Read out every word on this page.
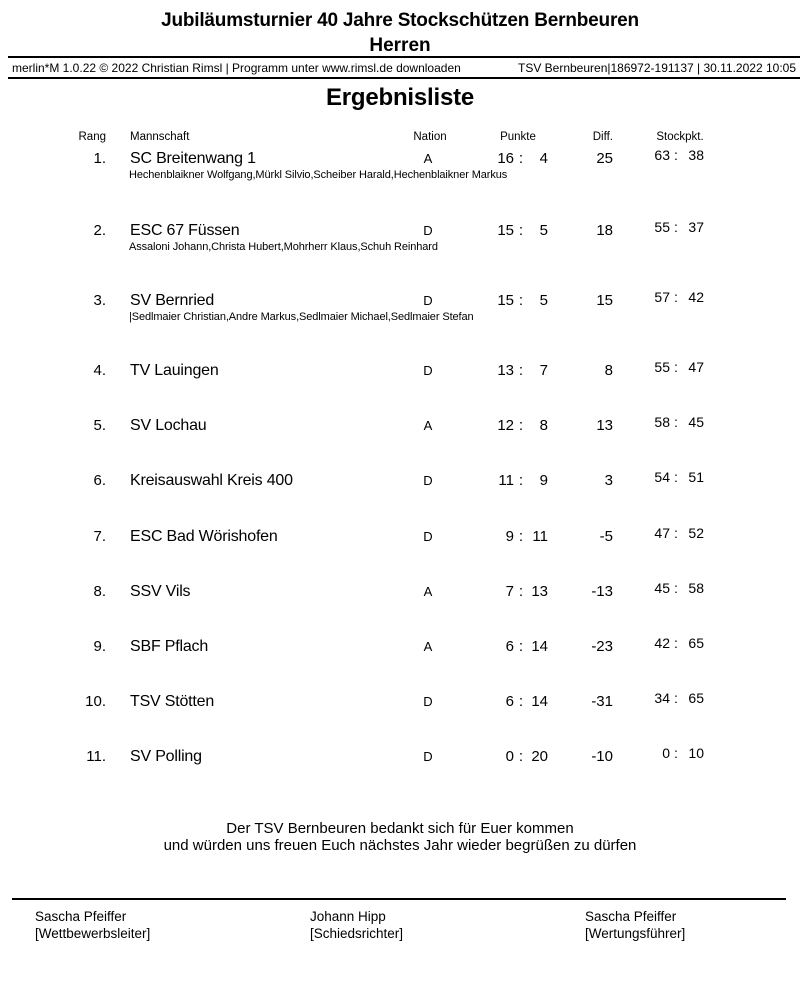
Jubiläumsturnier 40 Jahre Stockschützen Bernbeuren
Herren
merlin*M 1.0.22 © 2022 Christian Rimsl | Programm unter www.rimsl.de downloaden	TSV Bernbeuren|186972-191137 | 30.11.2022 10:05
Ergebnisliste
Rang Mannschaft	Nation	Punkte	Diff.	Stockpkt.
1. SC Breitenwang 1	A	16 :	4	25	63 : 38
Hechenblaikner Wolfgang,Mürkl Silvio,Scheiber Harald,Hechenblaikner Markus
2. ESC 67 Füssen	D	15 :	5	18	55 : 37
Assaloni Johann,Christa Hubert,Mohrherr Klaus,Schuh Reinhard
3. SV Bernried	D	15 :	5	15	57 : 42
|Sedlmaier Christian,Andre Markus,Sedlmaier Michael,Sedlmaier Stefan
4. TV Lauingen	D	13 :	7	8	55 : 47
5. SV Lochau	A	12 :	8	13	58 : 45
6. Kreisauswahl Kreis 400	D	11 :	9	3	54 : 51
7. ESC Bad Wörishofen	D	9 : 11	-5	47 : 52
8. SSV Vils	A	7 : 13	-13	45 : 58
9. SBF Pflach	A	6 : 14	-23	42 : 65
10. TSV Stötten	D	6 : 14	-31	34 : 65
11. SV Polling	D	0 : 20	-10	0 : 10
Der TSV Bernbeuren bedankt sich für Euer kommen
und würden uns freuen Euch nächstes Jahr wieder begrüßen zu dürfen
Sascha Pfeiffer
[Wettbewerbsleiter]
Johann Hipp
[Schiedsrichter]
Sascha Pfeiffer
[Wertungsführer]
